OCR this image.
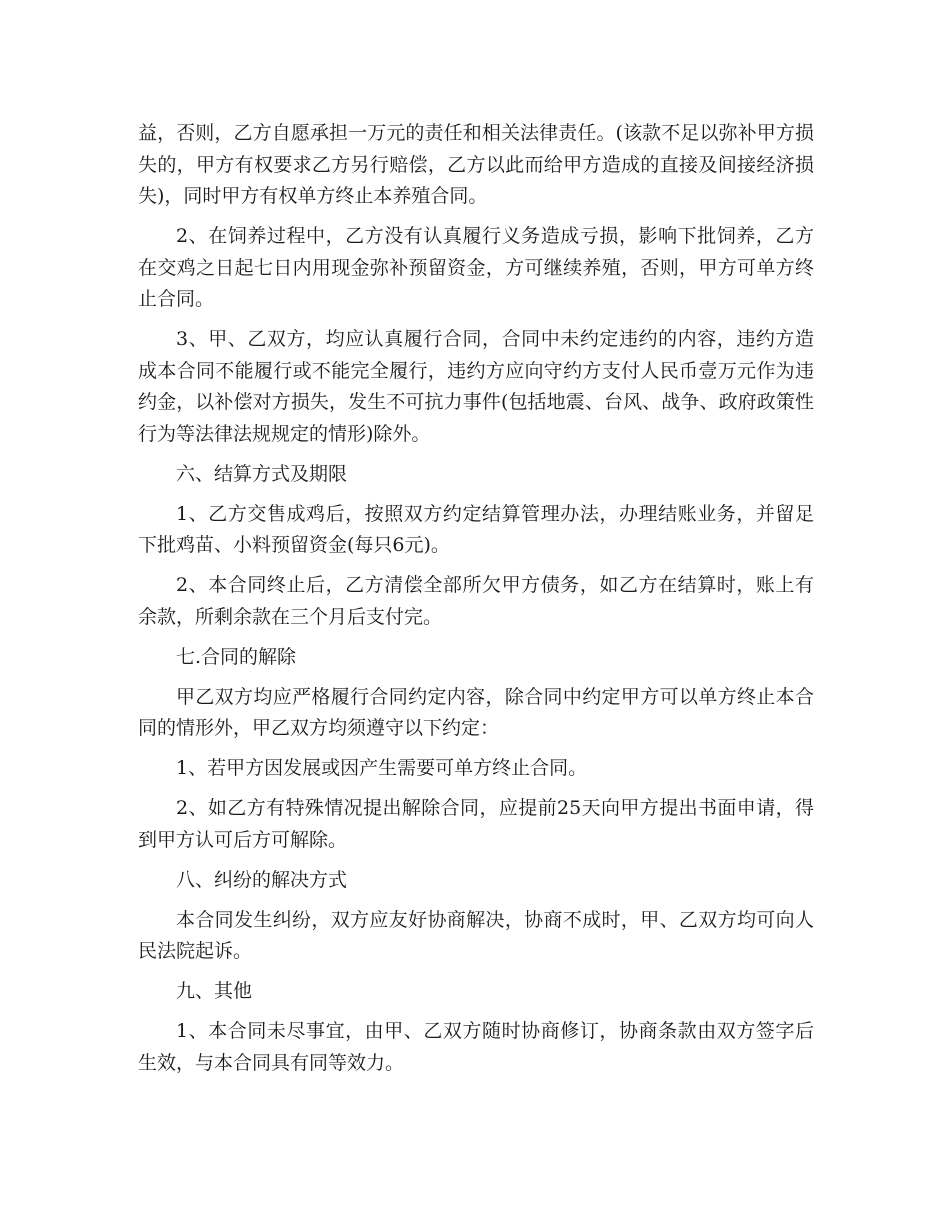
益，否则，乙方自愿承担一万元的责任和相关法律责任。(该款不足以弥补甲方损失的，甲方有权要求乙方另行赔偿，乙方以此而给甲方造成的直接及间接经济损失)，同时甲方有权单方终止本养殖合同。

2、在饲养过程中，乙方没有认真履行义务造成亏损，影响下批饲养，乙方在交鸡之日起七日内用现金弥补预留资金，方可继续养殖，否则，甲方可单方终止合同。

3、甲、乙双方，均应认真履行合同，合同中未约定违约的内容，违约方造成本合同不能履行或不能完全履行，违约方应向守约方支付人民币壹万元作为违约金，以补偿对方损失，发生不可抗力事件(包括地震、台风、战争、政府政策性行为等法律法规规定的情形)除外。

六、结算方式及期限

1、乙方交售成鸡后，按照双方约定结算管理办法，办理结账业务，并留足下批鸡苗、小料预留资金(每只6元)。

2、本合同终止后，乙方清偿全部所欠甲方债务，如乙方在结算时，账上有余款，所剩余款在三个月后支付完。

七.合同的解除

甲乙双方均应严格履行合同约定内容，除合同中约定甲方可以单方终止本合同的情形外，甲乙双方均须遵守以下约定：

1、若甲方因发展或因产生需要可单方终止合同。

2、如乙方有特殊情况提出解除合同，应提前25天向甲方提出书面申请，得到甲方认可后方可解除。

八、纠纷的解决方式

本合同发生纠纷，双方应友好协商解决，协商不成时，甲、乙双方均可向人民法院起诉。

九、其他

1、本合同未尽事宜，由甲、乙双方随时协商修订，协商条款由双方签字后生效，与本合同具有同等效力。
